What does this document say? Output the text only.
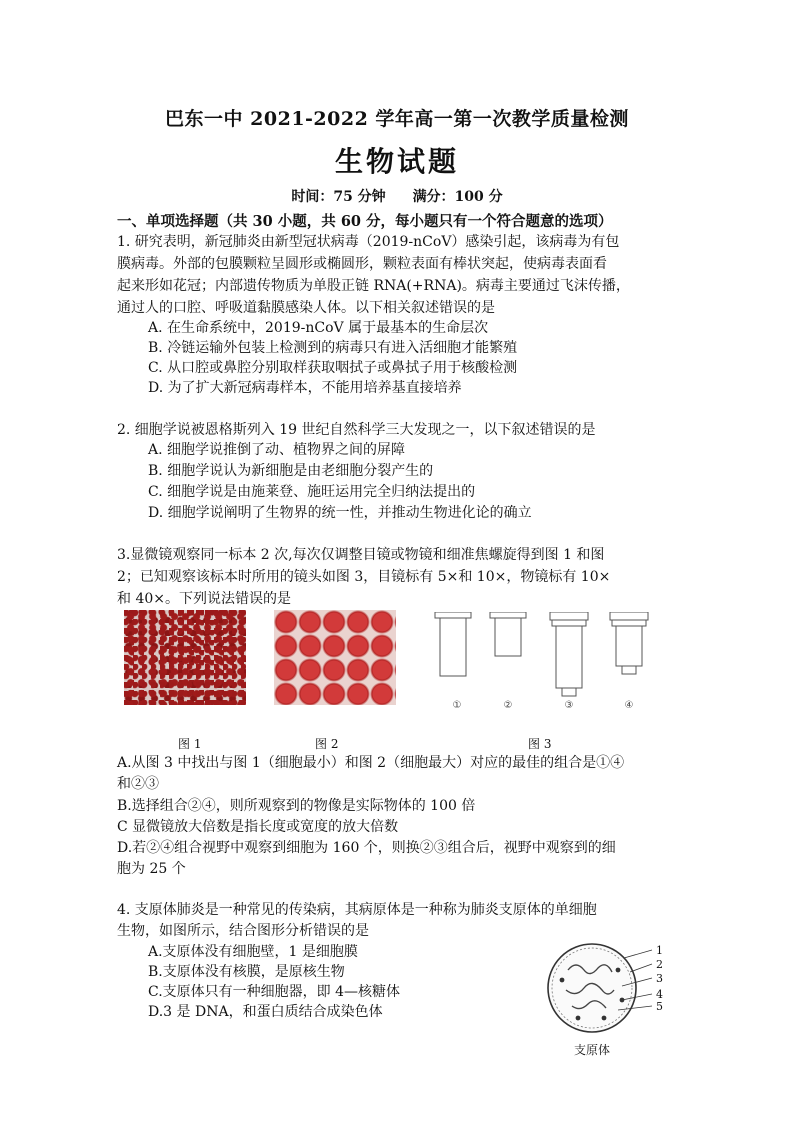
巴东一中 2021-2022 学年高一第一次教学质量检测
生物试题
时间：75 分钟 满分：100 分
一、单项选择题（共 30 小题，共 60 分，每小题只有一个符合题意的选项）
1. 研究表明，新冠肺炎由新型冠状病毒（2019-nCoV）感染引起，该病毒为有包
膜病毒。外部的包膜颗粒呈圆形或椭圆形，颗粒表面有棒状突起，使病毒表面看
起来形如花冠；内部遗传物质为单股正链 RNA(+RNA)。病毒主要通过飞沫传播，
通过人的口腔、呼吸道黏膜感染人体。以下相关叙述错误的是
A. 在生命系统中，2019-nCoV 属于最基本的生命层次
B. 冷链运输外包装上检测到的病毒只有进入活细胞才能繁殖
C. 从口腔或鼻腔分别取样获取咽拭子或鼻拭子用于核酸检测
D. 为了扩大新冠病毒样本，不能用培养基直接培养
2. 细胞学说被恩格斯列入 19 世纪自然科学三大发现之一，以下叙述错误的是
A. 细胞学说推倒了动、植物界之间的屏障
B. 细胞学说认为新细胞是由老细胞分裂产生的
C. 细胞学说是由施莱登、施旺运用完全归纳法提出的
D. 细胞学说阐明了生物界的统一性，并推动生物进化论的确立
3.显微镜观察同一标本 2 次,每次仅调整目镜或物镜和细准焦螺旋得到图 1 和图
2；已知观察该标本时所用的镜头如图 3，目镜标有 5×和 10×，物镜标有 10×
和 40×。下列说法错误的是
①	②	③	④
图 1	图 2	图 3
A.从图 3 中找出与图 1（细胞最小）和图 2（细胞最大）对应的最佳的组合是①④
和②③
B.选择组合②④，则所观察到的物像是实际物体的 100 倍
C 显微镜放大倍数是指长度或宽度的放大倍数
D.若②④组合视野中观察到细胞为 160 个，则换②③组合后，视野中观察到的细
胞为 25 个
4. 支原体肺炎是一种常见的传染病，其病原体是一种称为肺炎支原体的单细胞
生物，如图所示，结合图形分析错误的是
A.支原体没有细胞壁，1 是细胞膜
B.支原体没有核膜，是原核生物
C.支原体只有一种细胞器，即 4—核糖体
D.3 是 DNA，和蛋白质结合成染色体
1
2
3
4
5
支原体
